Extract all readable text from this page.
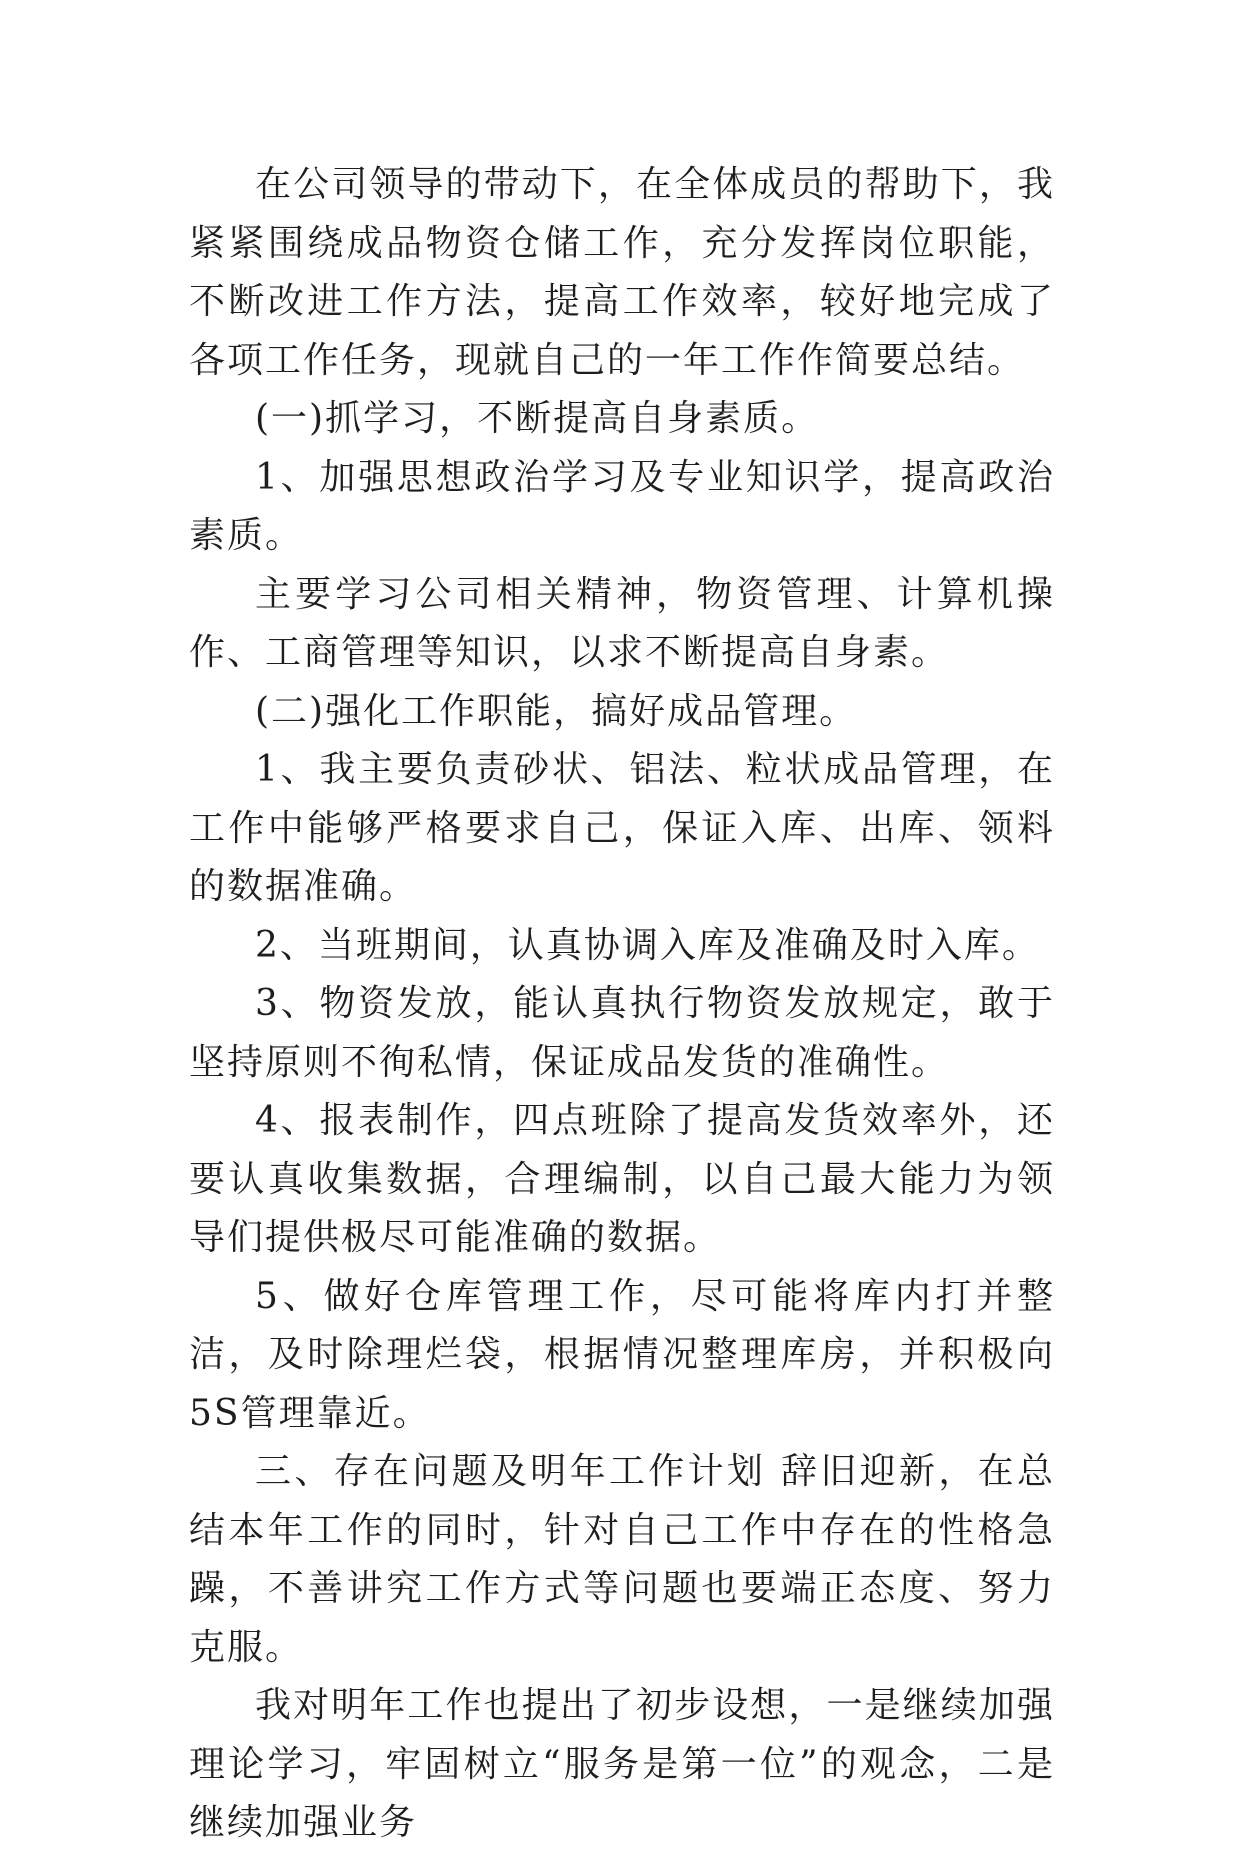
在公司领导的带动下，在全体成员的帮助下，我紧紧围绕成品物资仓储工作，充分发挥岗位职能，不断改进工作方法，提高工作效率，较好地完成了各项工作任务，现就自己的一年工作作简要总结。

(一)抓学习，不断提高自身素质。

1、加强思想政治学习及专业知识学，提高政治素质。

主要学习公司相关精神，物资管理、计算机操作、工商管理等知识，以求不断提高自身素。

(二)强化工作职能，搞好成品管理。

1、我主要负责砂状、铝法、粒状成品管理，在工作中能够严格要求自己，保证入库、出库、领料的数据准确。

2、当班期间，认真协调入库及准确及时入库。

3、物资发放，能认真执行物资发放规定，敢于坚持原则不徇私情，保证成品发货的准确性。

4、报表制作，四点班除了提高发货效率外，还要认真收集数据，合理编制，以自己最大能力为领导们提供极尽可能准确的数据。

5、做好仓库管理工作，尽可能将库内打并整洁，及时除理烂袋，根据情况整理库房，并积极向5S管理靠近。

三、存在问题及明年工作计划 辞旧迎新，在总结本年工作的同时，针对自己工作中存在的性格急躁，不善讲究工作方式等问题也要端正态度、努力克服。

我对明年工作也提出了初步设想，一是继续加强理论学习，牢固树立“服务是第一位”的观念，二是继续加强业务
